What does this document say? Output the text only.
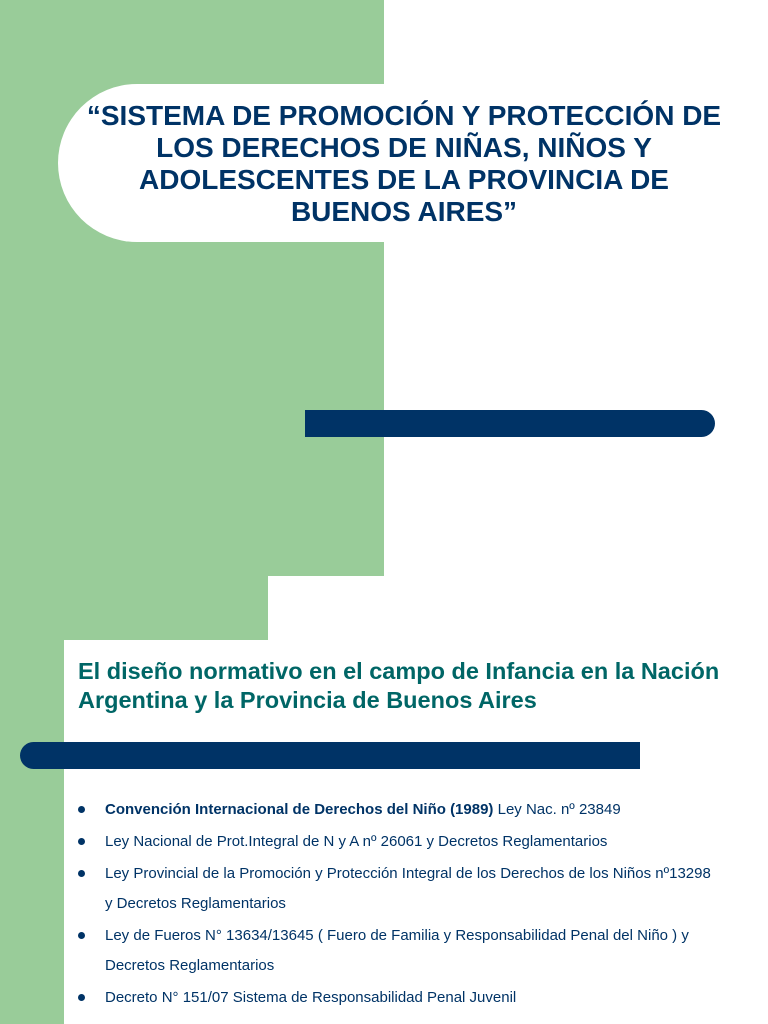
“SISTEMA DE PROMOCIÓN Y PROTECCIÓN DE LOS DERECHOS DE NIÑAS, NIÑOS Y ADOLESCENTES DE LA PROVINCIA DE BUENOS AIRES”
El diseño normativo en el campo de Infancia en la Nación Argentina y la Provincia de Buenos Aires
Convención Internacional de Derechos del Niño (1989) Ley Nac. nº 23849
Ley Nacional de Prot.Integral de N y A nº 26061 y Decretos Reglamentarios
Ley Provincial de la Promoción y Protección Integral de los Derechos de los Niños nº13298 y Decretos Reglamentarios
Ley de Fueros N° 13634/13645 ( Fuero de Familia y Responsabilidad Penal del Niño ) y Decretos Reglamentarios
Decreto N° 151/07 Sistema de Responsabilidad Penal Juvenil
